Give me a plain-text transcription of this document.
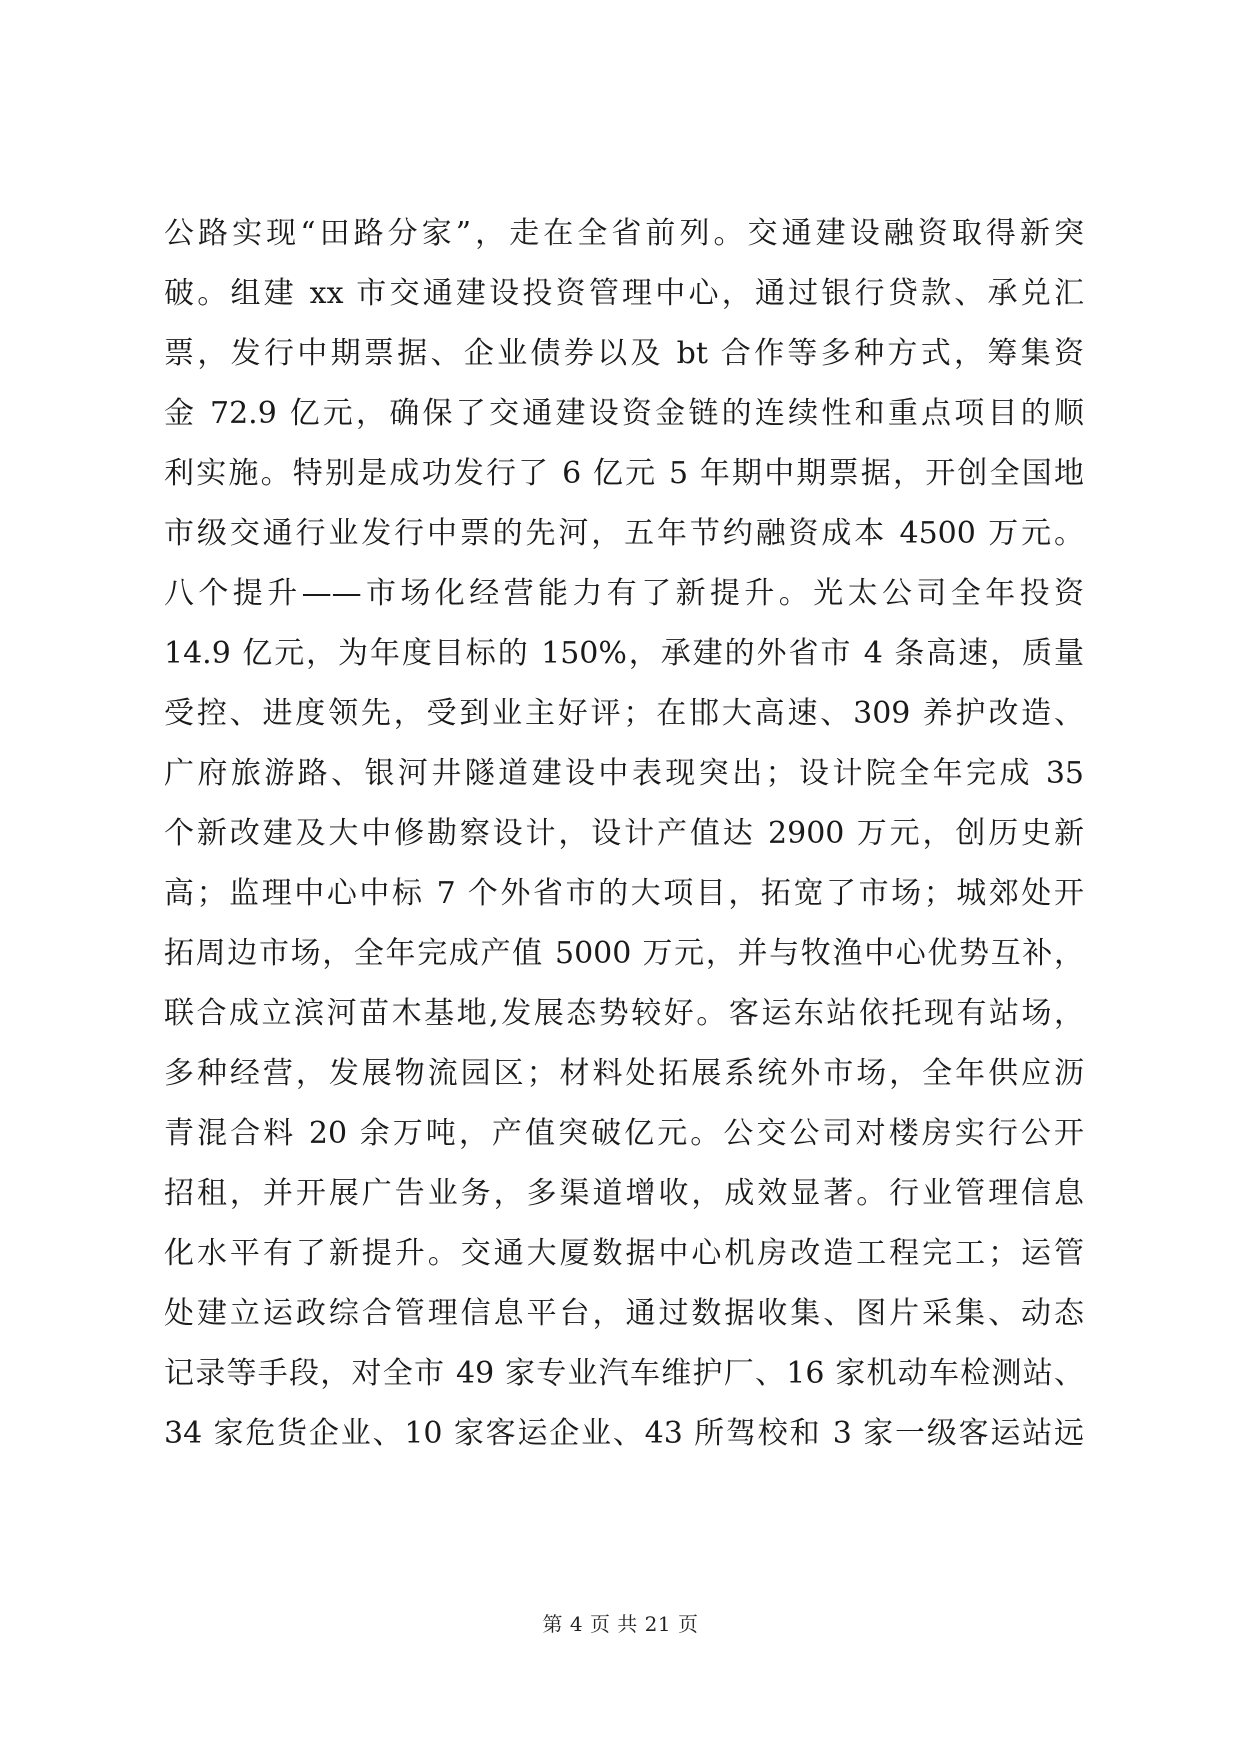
公路实现“田路分家”，走在全省前列。交通建设融资取得新突
破。组建 xx 市交通建设投资管理中心，通过银行贷款、承兑汇
票，发行中期票据、企业债券以及 bt 合作等多种方式，筹集资
金 72.9 亿元，确保了交通建设资金链的连续性和重点项目的顺
利实施。特别是成功发行了 6 亿元 5 年期中期票据，开创全国地
市级交通行业发行中票的先河，五年节约融资成本 4500 万元。
八个提升——市场化经营能力有了新提升。光太公司全年投资
14.9 亿元，为年度目标的 150%，承建的外省市 4 条高速，质量
受控、进度领先，受到业主好评；在邯大高速、309 养护改造、
广府旅游路、银河井隧道建设中表现突出；设计院全年完成 35
个新改建及大中修勘察设计，设计产值达 2900 万元，创历史新
高；监理中心中标 7 个外省市的大项目，拓宽了市场；城郊处开
拓周边市场，全年完成产值 5000 万元，并与牧渔中心优势互补，
联合成立滨河苗木基地,发展态势较好。客运东站依托现有站场，
多种经营，发展物流园区；材料处拓展系统外市场，全年供应沥
青混合料 20 余万吨，产值突破亿元。公交公司对楼房实行公开
招租，并开展广告业务，多渠道增收，成效显著。行业管理信息
化水平有了新提升。交通大厦数据中心机房改造工程完工；运管
处建立运政综合管理信息平台，通过数据收集、图片采集、动态
记录等手段，对全市 49 家专业汽车维护厂、16 家机动车检测站、
34 家危货企业、10 家客运企业、43 所驾校和 3 家一级客运站远
第 4 页 共 21 页
